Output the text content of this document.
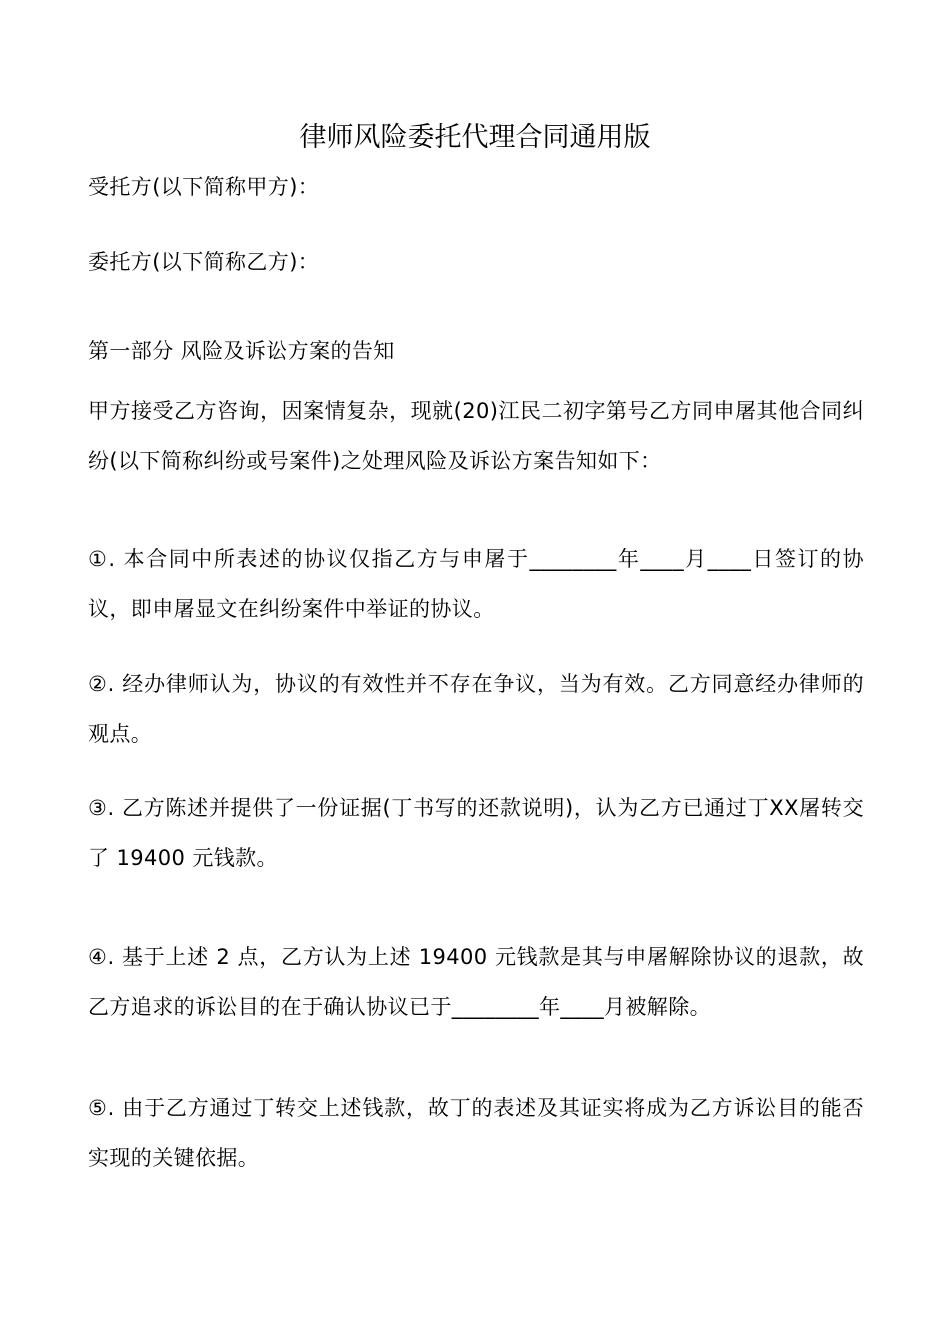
律师风险委托代理合同通用版
受托方(以下简称甲方)：
委托方(以下简称乙方)：
第一部分 风险及诉讼方案的告知
甲方接受乙方咨询，因案情复杂，现就(20)江民二初字第号乙方同申屠其他合同纠纷(以下简称纠纷或号案件)之处理风险及诉讼方案告知如下：
①. 本合同中所表述的协议仅指乙方与申屠于________年____月____日签订的协议，即申屠显文在纠纷案件中举证的协议。
②. 经办律师认为，协议的有效性并不存在争议，当为有效。乙方同意经办律师的观点。
③. 乙方陈述并提供了一份证据(丁书写的还款说明)，认为乙方已通过丁XX屠转交了 19400 元钱款。
④. 基于上述 2 点，乙方认为上述 19400 元钱款是其与申屠解除协议的退款，故乙方追求的诉讼目的在于确认协议已于________年____月被解除。
⑤. 由于乙方通过丁转交上述钱款，故丁的表述及其证实将成为乙方诉讼目的能否实现的关键依据。
